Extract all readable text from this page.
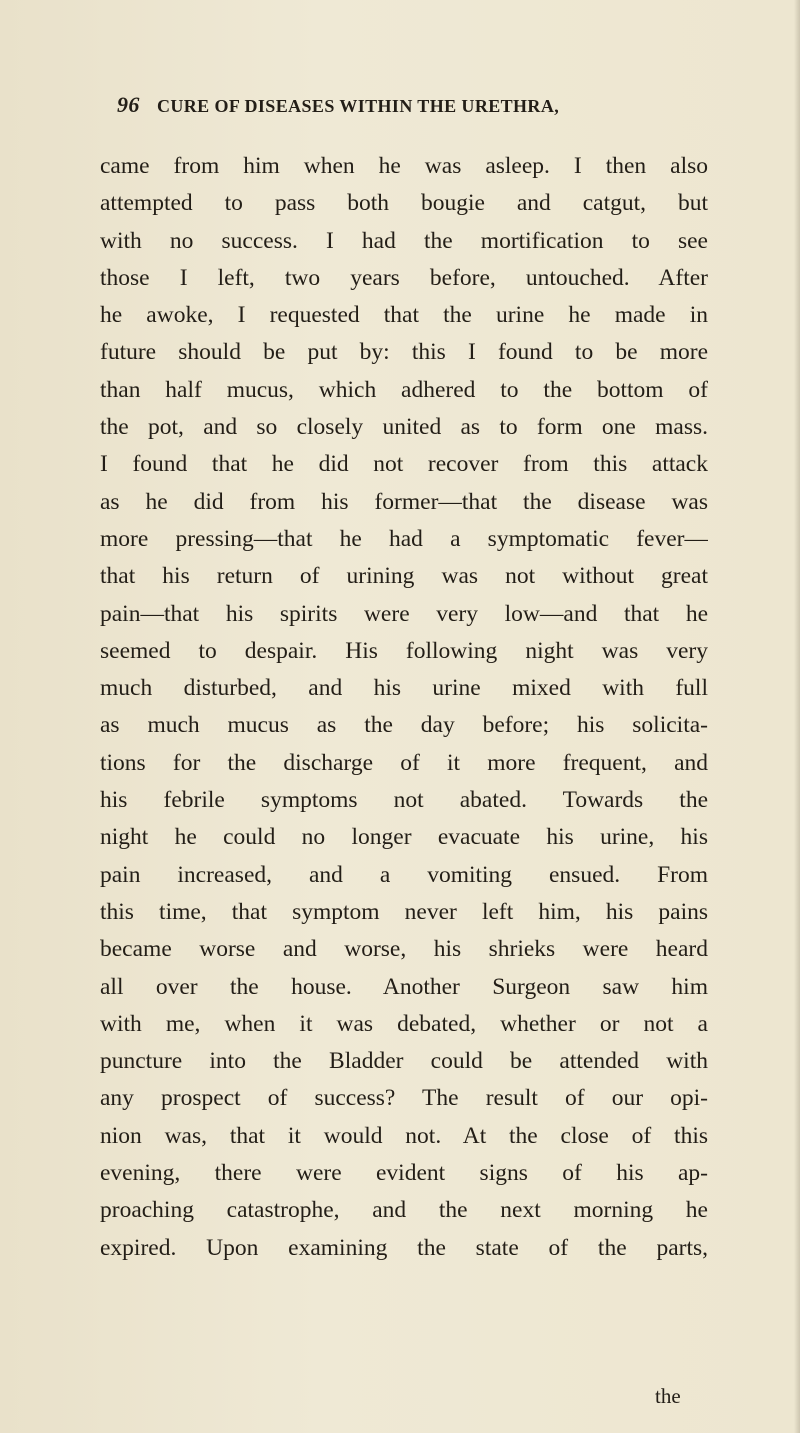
96 CURE OF DISEASES WITHIN THE URETHRA,
came from him when he was asleep. I then also
attempted to pass both bougie and catgut, but
with no success. I had the mortification to see
those I left, two years before, untouched. After
he awoke, I requested that the urine he made in
future should be put by: this I found to be more
than half mucus, which adhered to the bottom of
the pot, and so closely united as to form one mass.
I found that he did not recover from this attack
as he did from his former—that the disease was
more pressing—that he had a symptomatic fever—
that his return of urining was not without great
pain—that his spirits were very low—and that he
seemed to despair. His following night was very
much disturbed, and his urine mixed with full
as much mucus as the day before; his solicita-
tions for the discharge of it more frequent, and
his febrile symptoms not abated. Towards the
night he could no longer evacuate his urine, his
pain increased, and a vomiting ensued. From
this time, that symptom never left him, his pains
became worse and worse, his shrieks were heard
all over the house. Another Surgeon saw him
with me, when it was debated, whether or not a
puncture into the Bladder could be attended with
any prospect of success? The result of our opi-
nion was, that it would not. At the close of this
evening, there were evident signs of his ap-
proaching catastrophe, and the next morning he
expired. Upon examining the state of the parts,
the
